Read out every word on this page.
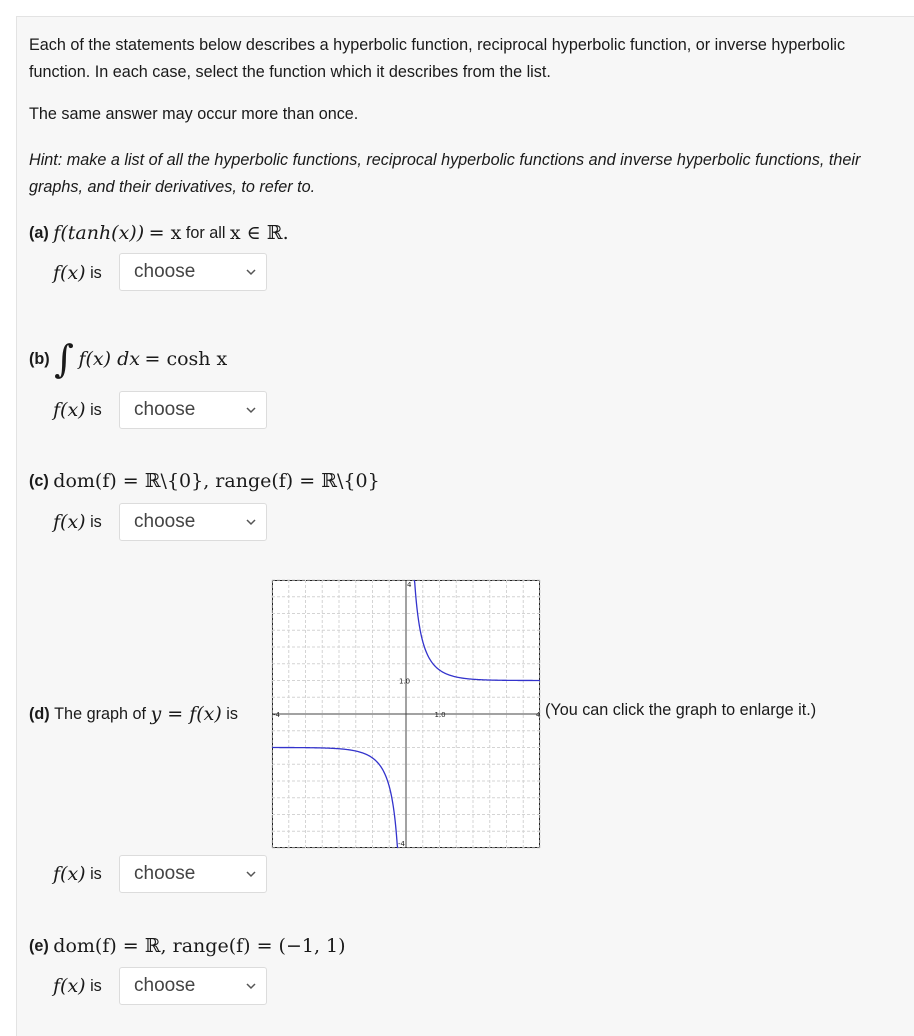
Each of the statements below describes a hyperbolic function, reciprocal hyperbolic function, or inverse hyperbolic function. In each case, select the function which it describes from the list.

The same answer may occur more than once.

Hint: make a list of all the hyperbolic functions, reciprocal hyperbolic functions and inverse hyperbolic functions, their graphs, and their derivatives, to refer to.

(a)
f(tanh(x))
= x
for all
x ∈ ℝ.
f(x)
is choose
(b)
∫
f(x) dx
= cosh x
f(x)
is choose
(c)
dom(f) = ℝ\{0}, range(f) = ℝ\{0}
f(x)
is choose
(d)
The graph of
y = f(x)
is
4
-4
-4	4
1.0
1.0	(You can click the graph to enlarge it.)
f(x)
is choose
(e)
dom(f) = ℝ, range(f) = (−1, 1)
f(x)
is choose
